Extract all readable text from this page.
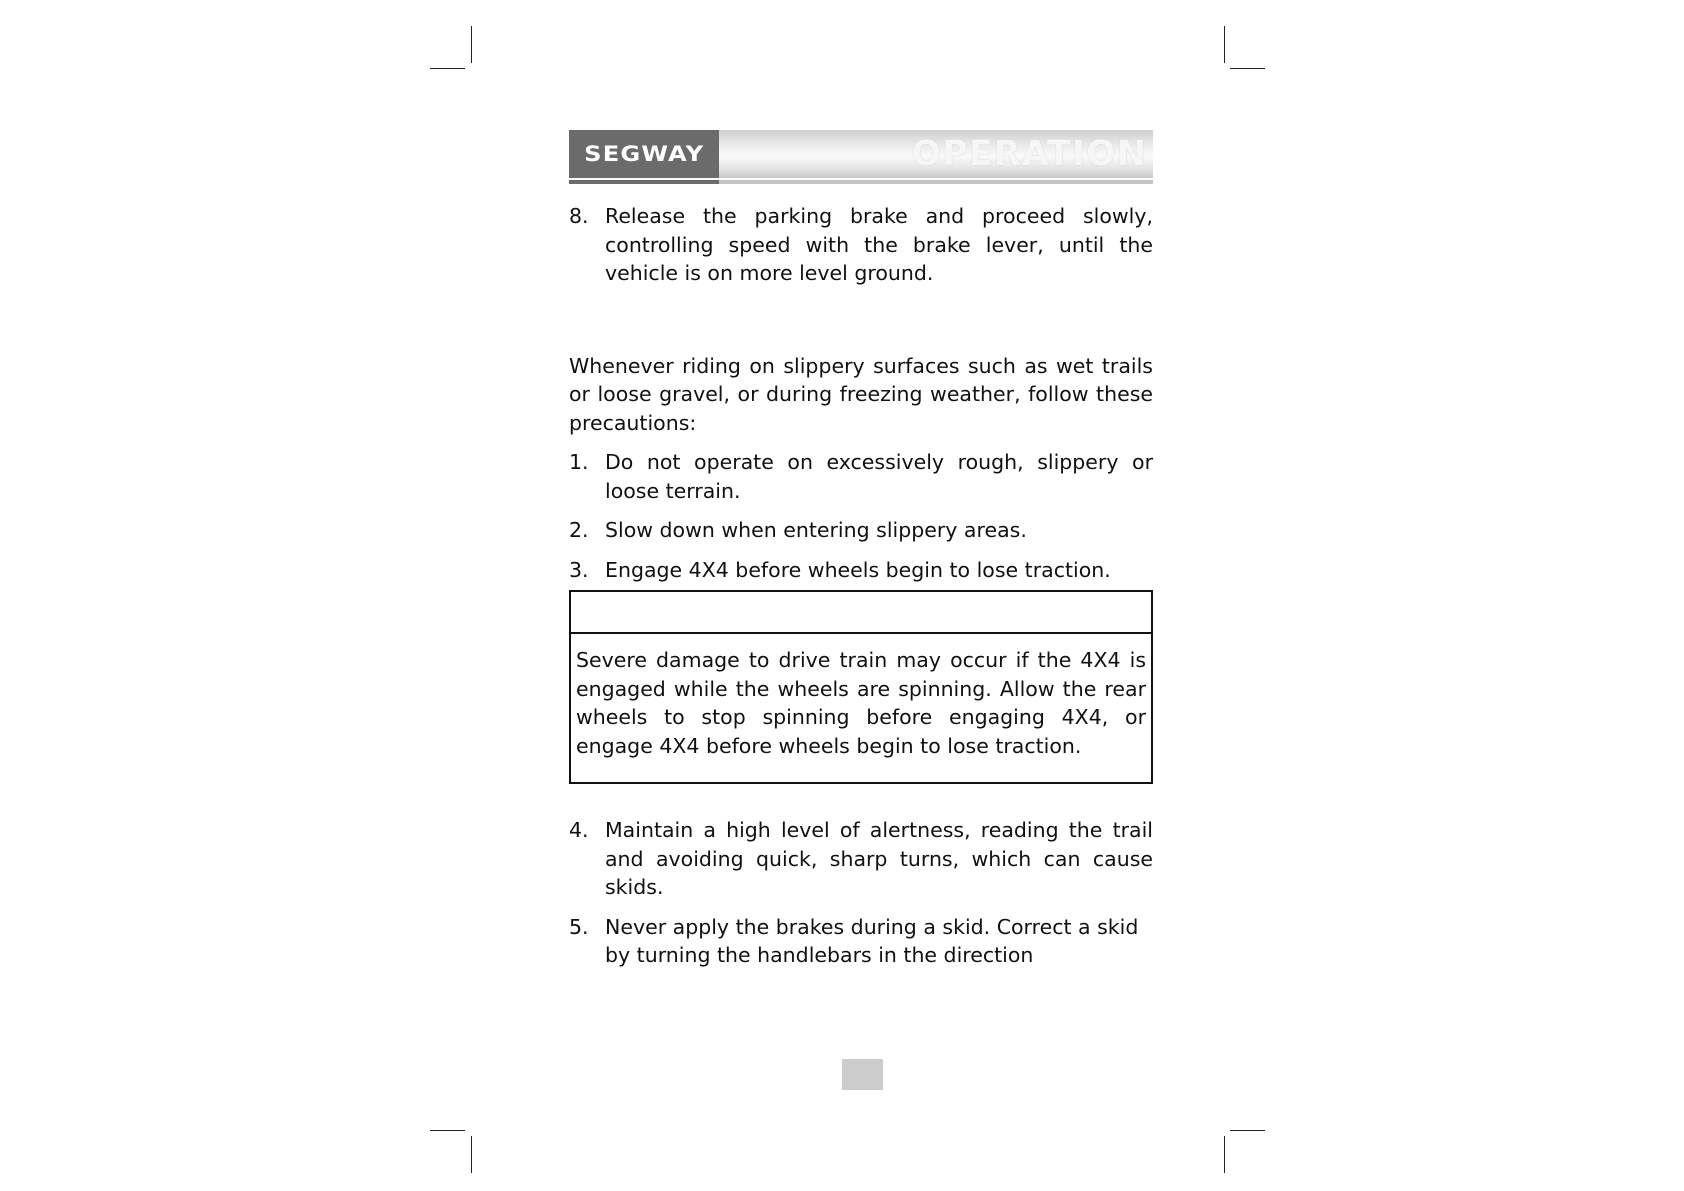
SEGWAY	OPERATION
8. Release the parking brake and proceed slowly, controlling speed with the brake lever, until the vehicle is on more level ground.

Whenever riding on slippery surfaces such as wet trails or loose gravel, or during freezing weather, follow these precautions:

1. Do not operate on excessively rough, slippery or loose terrain.
2. Slow down when entering slippery areas.
3. Engage 4X4 before wheels begin to lose traction.
Severe damage to drive train may occur if the 4X4 is engaged while the wheels are spinning. Allow the rear wheels to stop spinning before engaging 4X4, or engage 4X4 before wheels begin to lose traction.
4. Maintain a high level of alertness, reading the trail and avoiding quick, sharp turns, which can cause skids.
5. Never apply the brakes during a skid. Correct a skid by turning the handlebars in the direction
